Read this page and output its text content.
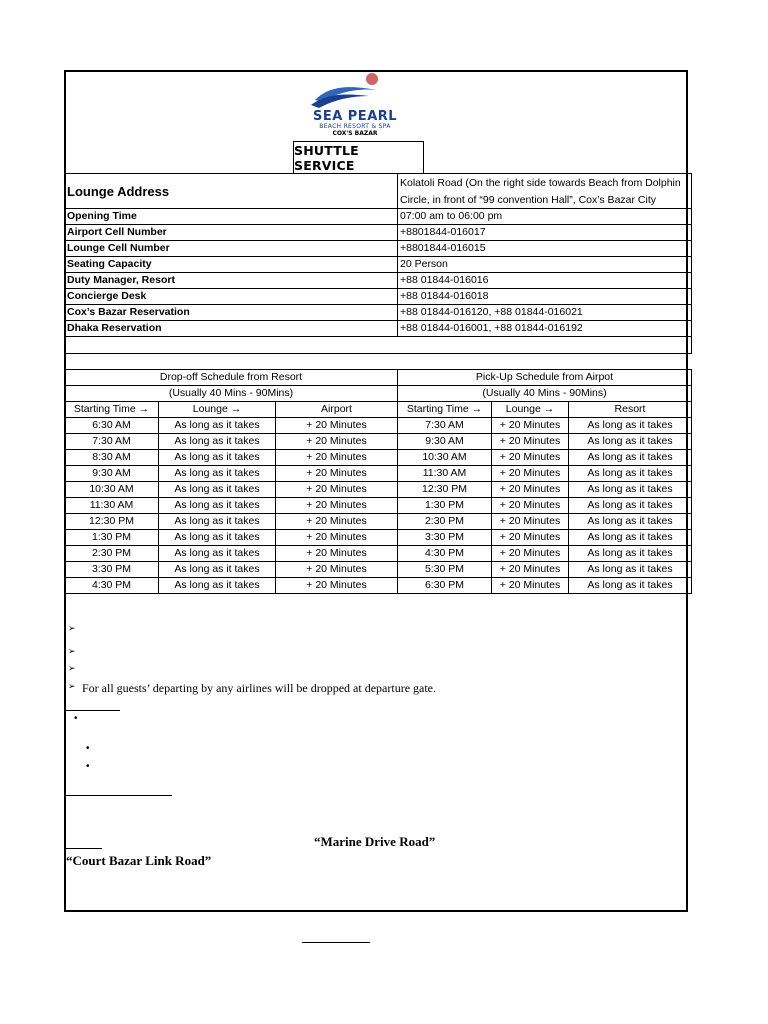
SEA PEARL
BEACH RESORT & SPA
COX'S BAZAR
SHUTTLE SERVICE
Lounge Address	Kolatoli Road (On the right side towards Beach from Dolphin Circle, in front of “99 convention Hall”, Cox’s Bazar City
Opening Time	07:00 am to 06:00 pm
Airport Cell Number	+8801844-016017
Lounge Cell Number	+8801844-016015
Seating Capacity	20 Person
Duty Manager, Resort	+88 01844-016016
Concierge Desk	+88 01844-016018
Cox’s Bazar Reservation	+88 01844-016120, +88 01844-016021
Dhaka Reservation	+88 01844-016001, +88 01844-016192

Drop-off Schedule from Resort			Pick-Up Schedule from Airpot		
(Usually 40 Mins - 90Mins)			(Usually 40 Mins - 90Mins)		
Starting Time →	Lounge →	Airport	Starting Time →	Lounge →	Resort
6:30 AM	As long as it takes	+ 20 Minutes	7:30 AM	+ 20 Minutes	As long as it takes
7:30 AM	As long as it takes	+ 20 Minutes	9:30 AM	+ 20 Minutes	As long as it takes
8:30 AM	As long as it takes	+ 20 Minutes	10:30 AM	+ 20 Minutes	As long as it takes
9:30 AM	As long as it takes	+ 20 Minutes	11:30 AM	+ 20 Minutes	As long as it takes
10:30 AM	As long as it takes	+ 20 Minutes	12:30 PM	+ 20 Minutes	As long as it takes
11:30 AM	As long as it takes	+ 20 Minutes	1:30 PM	+ 20 Minutes	As long as it takes
12:30 PM	As long as it takes	+ 20 Minutes	2:30 PM	+ 20 Minutes	As long as it takes
1:30 PM	As long as it takes	+ 20 Minutes	3:30 PM	+ 20 Minutes	As long as it takes
2:30 PM	As long as it takes	+ 20 Minutes	4:30 PM	+ 20 Minutes	As long as it takes
3:30 PM	As long as it takes	+ 20 Minutes	5:30 PM	+ 20 Minutes	As long as it takes
4:30 PM	As long as it takes	+ 20 Minutes	6:30 PM	+ 20 Minutes	As long as it takes
➢
➢
➢
➢ For all guests’ departing by any airlines will be dropped at departure gate.
•
•
•
“Marine Drive Road”
“Court Bazar Link Road”
